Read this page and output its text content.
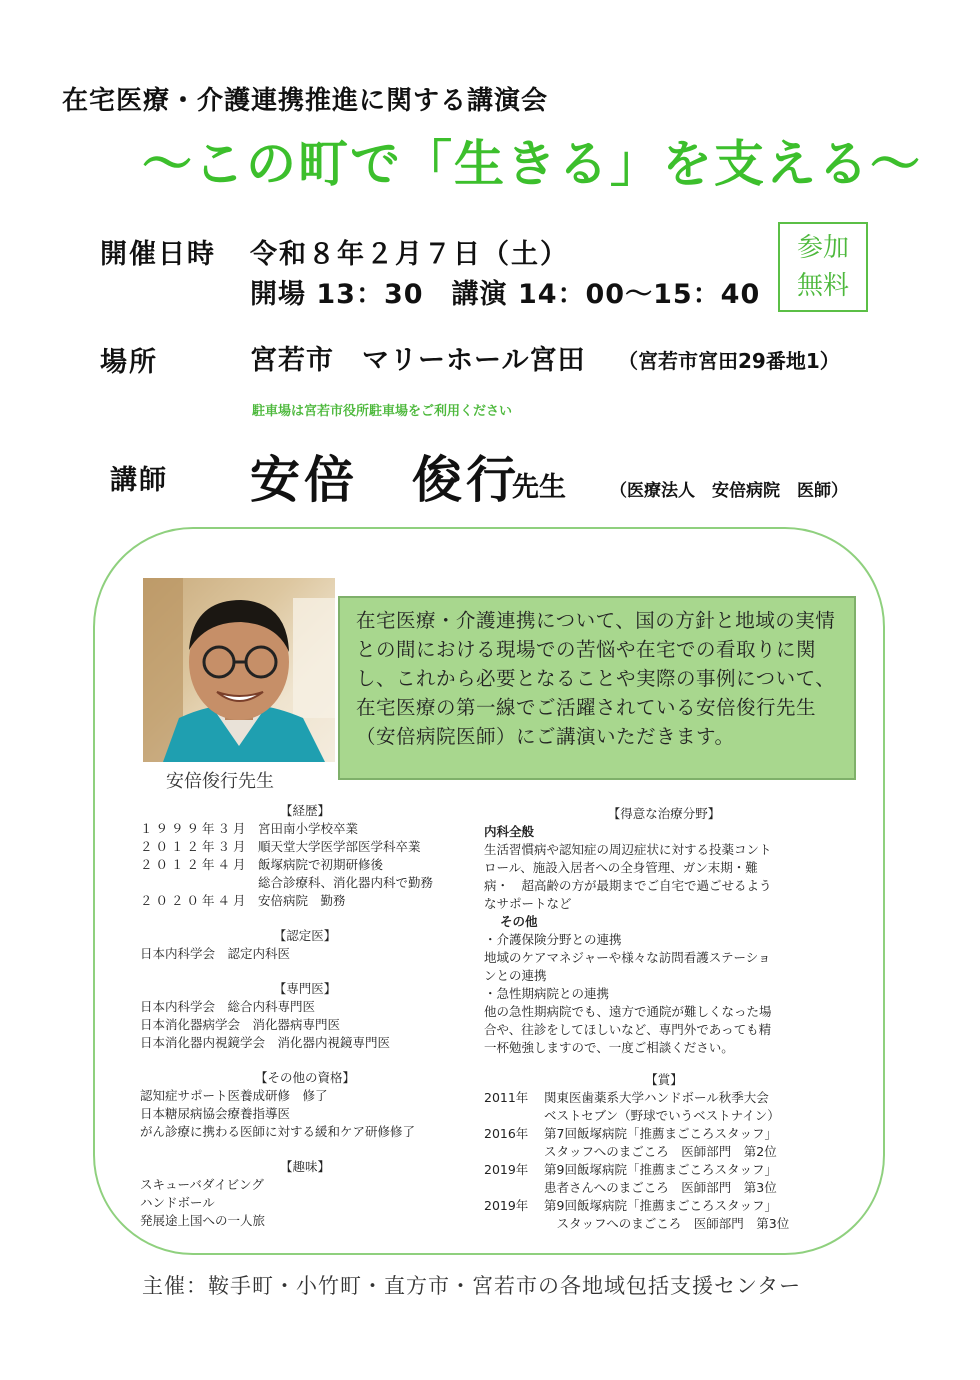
在宅医療・介護連携推進に関する講演会
～この町で「生きる」を支える～
開催日時 令和８年２月７日（土）
開場 13：30　講演 14：00～15：40
参加
無料
場所	宮若市　マリーホール宮田 （宮若市宮田29番地1）
駐車場は宮若市役所駐車場をご利用ください
講師 安倍　俊行
先生	（医療法人　安倍病院　医師）
安倍俊行先生
在宅医療・介護連携について、国の方針と地域の実情との間における現場での苦悩や在宅での看取りに関し、これから必要となることや実際の事例について、在宅医療の第一線でご活躍されている安倍俊行先生（安倍病院医師）にご講演いただきます。
【経歴】
１９９９年３月 宮田南小学校卒業
２０１２年３月 順天堂大学医学部医学科卒業
２０１２年４月 飯塚病院で初期研修後
総合診療科、消化器内科で勤務
２０２０年４月 安倍病院　勤務
【認定医】
日本内科学会　認定内科医
【専門医】
日本内科学会　総合内科専門医
日本消化器病学会　消化器病専門医
日本消化器内視鏡学会　消化器内視鏡専門医
【その他の資格】
認知症サポート医養成研修　修了
日本糖尿病協会療養指導医
がん診療に携わる医師に対する緩和ケア研修修了
【趣味】
スキューバダイビング
ハンドボール
発展途上国への一人旅
【得意な治療分野】
内科全般
生活習慣病や認知症の周辺症状に対する投薬コント
ロール、施設入居者への全身管理、ガン末期・難
病・　超高齢の方が最期までご自宅で過ごせるよう
なサポートなど
その他
・介護保険分野との連携
地域のケアマネジャーや様々な訪問看護ステーショ
ンとの連携
・急性期病院との連携
他の急性期病院でも、遠方で通院が難しくなった場
合や、往診をしてほしいなど、専門外であっても精
一杯勉強しますので、一度ご相談ください。
【賞】
2011年	関東医歯薬系大学ハンドボール秋季大会
ベストセブン（野球でいうベストナイン）
2016年	第7回飯塚病院「推薦まごころスタッフ」
スタッフへのまごころ　医師部門　第2位
2019年	第9回飯塚病院「推薦まごころスタッフ」
患者さんへのまごころ　医師部門　第3位
2019年	第9回飯塚病院「推薦まごころスタッフ」
　スタッフへのまごころ　医師部門　第3位
主催：鞍手町・小竹町・直方市・宮若市の各地域包括支援センター
